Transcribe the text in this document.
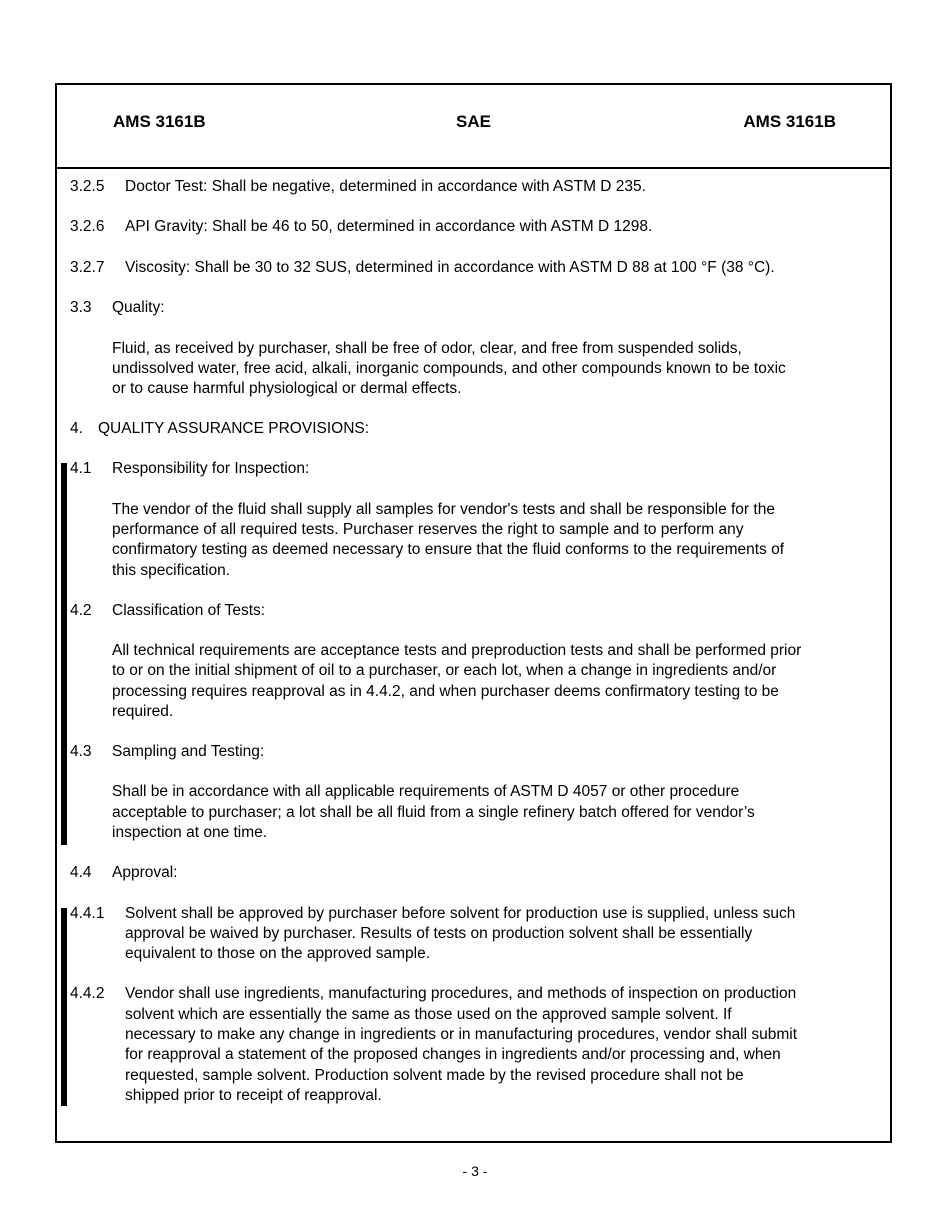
AMS 3161B	SAE	AMS 3161B
3.2.5 Doctor Test: Shall be negative, determined in accordance with ASTM D 235.
3.2.6 API Gravity: Shall be 46 to 50, determined in accordance with ASTM D 1298.
3.2.7 Viscosity: Shall be 30 to 32 SUS, determined in accordance with ASTM D 88 at 100 °F (38 °C).
3.3 Quality:
Fluid, as received by purchaser, shall be free of odor, clear, and free from suspended solids,
undissolved water, free acid, alkali, inorganic compounds, and other compounds known to be toxic
or to cause harmful physiological or dermal effects.
4. QUALITY ASSURANCE PROVISIONS:
4.1 Responsibility for Inspection:
The vendor of the fluid shall supply all samples for vendor's tests and shall be responsible for the
performance of all required tests. Purchaser reserves the right to sample and to perform any
confirmatory testing as deemed necessary to ensure that the fluid conforms to the requirements of
this specification.
4.2 Classification of Tests:
All technical requirements are acceptance tests and preproduction tests and shall be performed prior
to or on the initial shipment of oil to a purchaser, or each lot, when a change in ingredients and/or
processing requires reapproval as in 4.4.2, and when purchaser deems confirmatory testing to be
required.
4.3 Sampling and Testing:
Shall be in accordance with all applicable requirements of ASTM D 4057 or other procedure
acceptable to purchaser; a lot shall be all fluid from a single refinery batch offered for vendor’s
inspection at one time.
4.4 Approval:
4.4.1 Solvent shall be approved by purchaser before solvent for production use is supplied, unless such
approval be waived by purchaser. Results of tests on production solvent shall be essentially
equivalent to those on the approved sample.
4.4.2 Vendor shall use ingredients, manufacturing procedures, and methods of inspection on production
solvent which are essentially the same as those used on the approved sample solvent. If
necessary to make any change in ingredients or in manufacturing procedures, vendor shall submit
for reapproval a statement of the proposed changes in ingredients and/or processing and, when
requested, sample solvent. Production solvent made by the revised procedure shall not be
shipped prior to receipt of reapproval.
- 3 -
